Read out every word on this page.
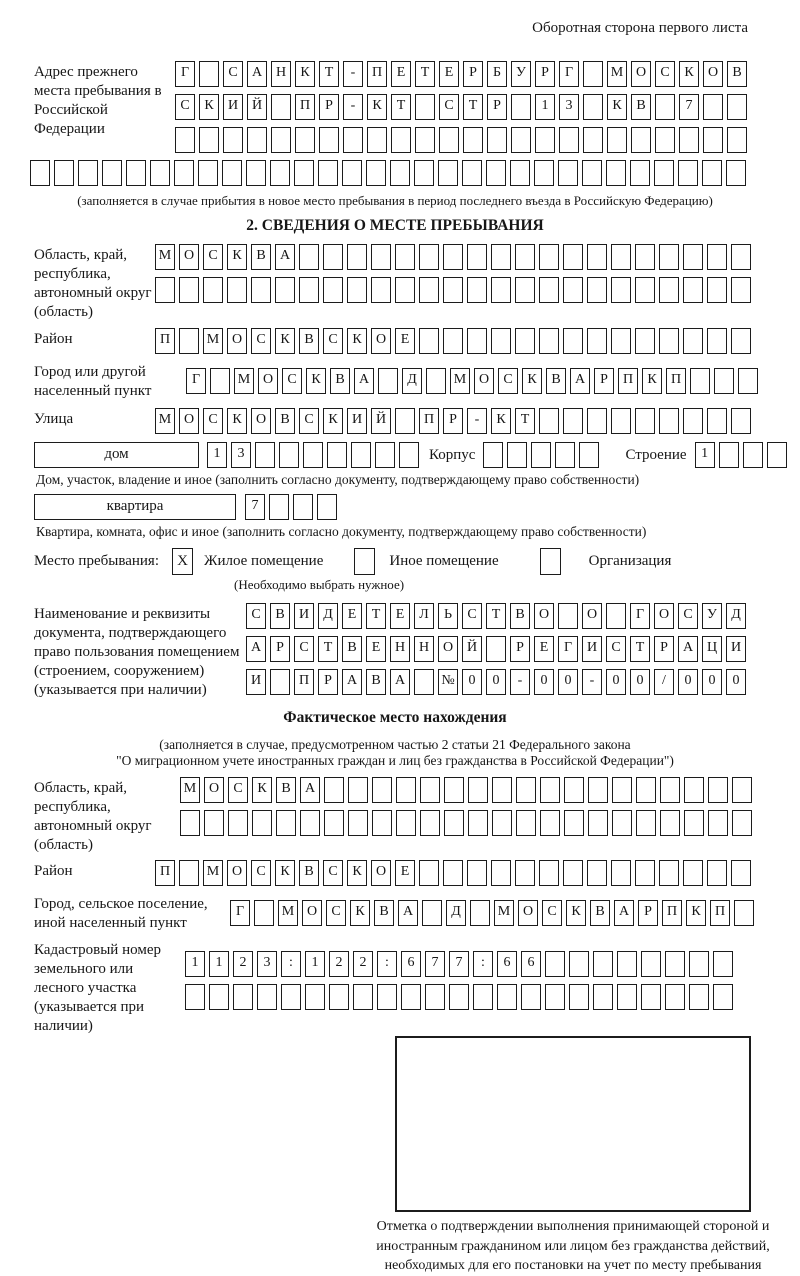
Оборотная сторона первого листа
Адрес прежнего места пребывания в Российской Федерации
Г	С А Н К Т - П Е Т Е Р Б У Р Г	М О С К О В
С К И Й	П Р - К Т	С Т Р	1 3	К В	7
(заполняется в случае прибытия в новое место пребывания в период последнего въезда в Российскую Федерацию)
2. СВЕДЕНИЯ О МЕСТЕ ПРЕБЫВАНИЯ
Область, край, республика, автономный округ (область)
М О С К В А
Район	П	М О С К В С К О Е
Город или другой населенный пункт
Г	М О С К В А	Д	М О С К В А Р П К П
Улица	М О С К О В С К И Й	П Р - К Т
дом	1 3	Корпус	Строение 1
Дом, участок, владение и иное (заполнить согласно документу, подтверждающему право собственности)
квартира	7
Квартира, комната, офис и иное (заполнить согласно документу, подтверждающему право собственности)
Место пребывания: X Жилое помещение	Иное помещение	Организация
(Необходимо выбрать нужное)
Наименование и реквизиты документа, подтверждающего право пользования помещением (строением, сооружением) (указывается при наличии)
С В И Д Е Т Е Л Ь С Т В О	О	Г О С У Д
А Р С Т В Е Н Н О Й	Р Е Г И С Т Р А Ц И
И	П Р А В А	№ 0 0 - 0 0 - 0 0 / 0 0 0
Фактическое место нахождения
(заполняется в случае, предусмотренном частью 2 статьи 21 Федерального закона
"О миграционном учете иностранных граждан и лиц без гражданства в Российской Федерации")
Область, край, республика, автономный округ (область)
М О С К В А
Район	П	М О С К В С К О Е
Город, сельское поселение, иной населенный пункт
Г	М О С К В А	Д	М О С К В А Р П К П
Кадастровый номер земельного или лесного участка (указывается при наличии)
1 1 2 3 : 1 2 2 : 6 7 7 : 6 6
Отметка о подтверждении выполнения принимающей стороной и иностранным гражданином или лицом без гражданства действий, необходимых для его постановки на учет по месту пребывания
